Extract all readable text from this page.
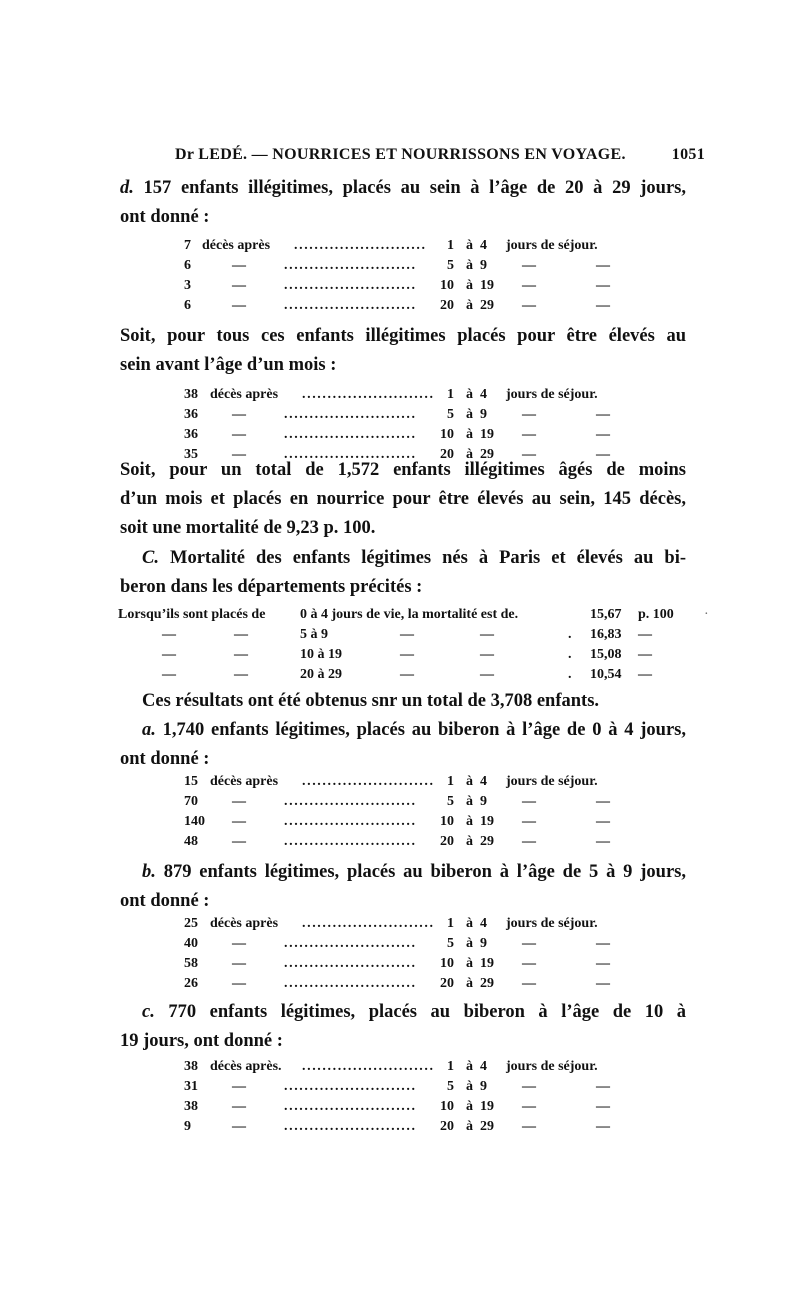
Dr LEDÉ. — NOURRICES ET NOURRISSONS EN VOYAGE.	1051
d. 157 enfants illégitimes, placés au sein à l’âge de 20 à 29 jours,
ont donné :
7 décès après ..........................	1 à 4	jours de séjour.
6	—	..........................	5 à 9	—	—
3	—	..........................	10 à 19	—	—
6	—	..........................	20 à 29	—	—
Soit, pour tous ces enfants illégitimes placés pour être élevés au
sein avant l’âge d’un mois :
38 décès après .......................... 1 à 4	jours de séjour.
36	—	..........................	5 à 9	—	—
36	—	..........................	10 à 19	—	—
35	—	..........................	20 à 29	—	—
Soit, pour un total de 1,572 enfants illégitimes âgés de moins
d’un mois et placés en nourrice pour être élevés au sein, 145 décès,
soit une mortalité de 9,23 p. 100.
C. Mortalité des enfants légitimes nés à Paris et élevés au bi-
beron dans les départements précités :
·
Lorsqu’ils sont placés de 0 à 4 jours de vie, la mortalité est de.	15,67 p. 100
—	—	5 à 9	—	—	. 16,83 —
—	—	10 à 19	—	—	. 15,08 —
—	—	20 à 29	—	—	. 10,54 —
Ces résultats ont été obtenus snr un total de 3,708 enfants.
a. 1,740 enfants légitimes, placés au biberon à l’âge de 0 à 4 jours,
ont donné :
15 décès après .......................... 1 à 4	jours de séjour.
70	—	..........................	5 à 9	—	—
140	—	..........................	10 à 19	—	—
48	—	..........................	20 à 29	—	—
b. 879 enfants légitimes, placés au biberon à l’âge de 5 à 9 jours,
ont donné :
25 décès après .......................... 1 à 4	jours de séjour.
40	—	..........................	5 à 9	—	—
58	—	..........................	10 à 19	—	—
26	—	..........................	20 à 29	—	—
c. 770 enfants légitimes, placés au biberon à l’âge de 10 à
19 jours, ont donné :
38 décès après. .......................... 1 à 4	jours de séjour.
31	—	..........................	5 à 9	—	—
38	—	..........................	10 à 19	—	—
9	—	..........................	20 à 29	—	—
